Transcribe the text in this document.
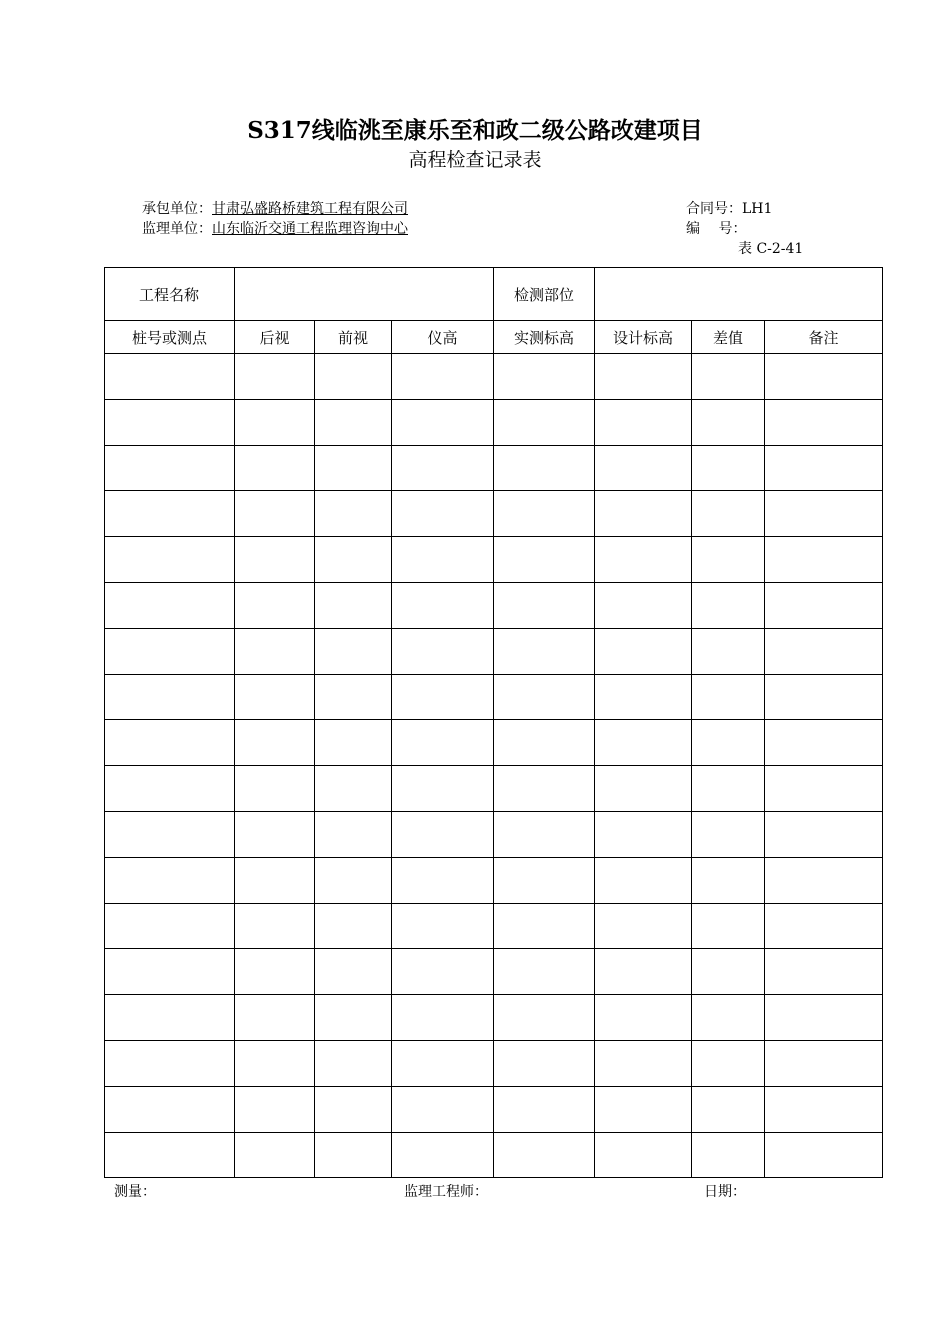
S317线临洮至康乐至和政二级公路改建项目
高程检查记录表
承包单位：甘肃弘盛路桥建筑工程有限公司
监理单位：山东临沂交通工程监理咨询中心
合同号：LH1
编　 号：
表 C-2-41
工程名称				检测部位			
桩号或测点	后视	前视	仪高	实测标高	设计标高	差值	备注

测量：	监理工程师：	日期：
